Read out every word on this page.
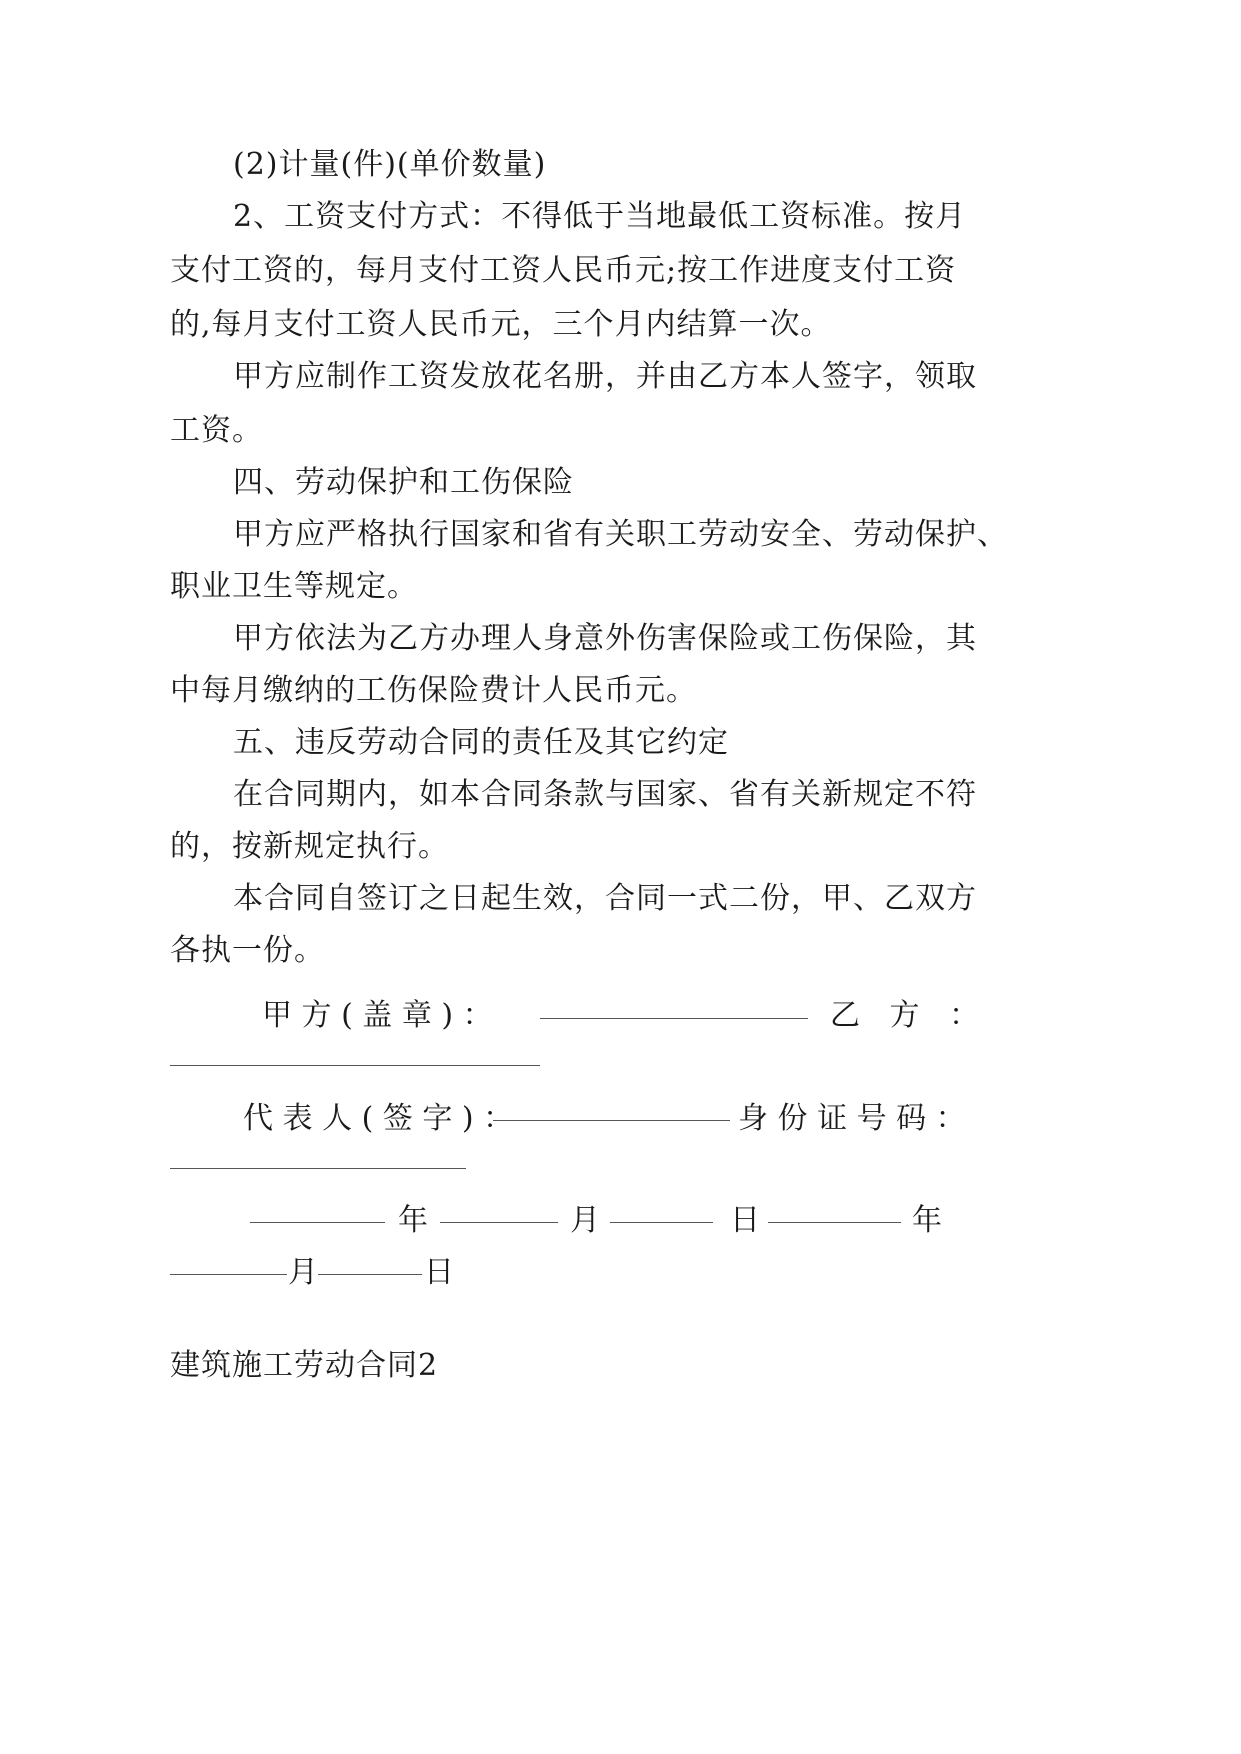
(2)计量(件)(单价数量)
2、工资支付方式：不得低于当地最低工资标准。按月
支付工资的，每月支付工资人民币元;按工作进度支付工资
的,每月支付工资人民币元，三个月内结算一次。
甲方应制作工资发放花名册，并由乙方本人签字，领取
工资。
四、劳动保护和工伤保险
甲方应严格执行国家和省有关职工劳动安全、劳动保护、
职业卫生等规定。
甲方依法为乙方办理人身意外伤害保险或工伤保险，其
中每月缴纳的工伤保险费计人民币元。
五、违反劳动合同的责任及其它约定
在合同期内，如本合同条款与国家、省有关新规定不符
的，按新规定执行。
本合同自签订之日起生效，合同一式二份，甲、乙双方
各执一份。
甲 方 ( 盖 章 ) ：	乙 方 ：
代 表 人 ( 签 字 ) ：	身 份 证 号 码 ：
年	月	日	年
月	日
建筑施工劳动合同2
